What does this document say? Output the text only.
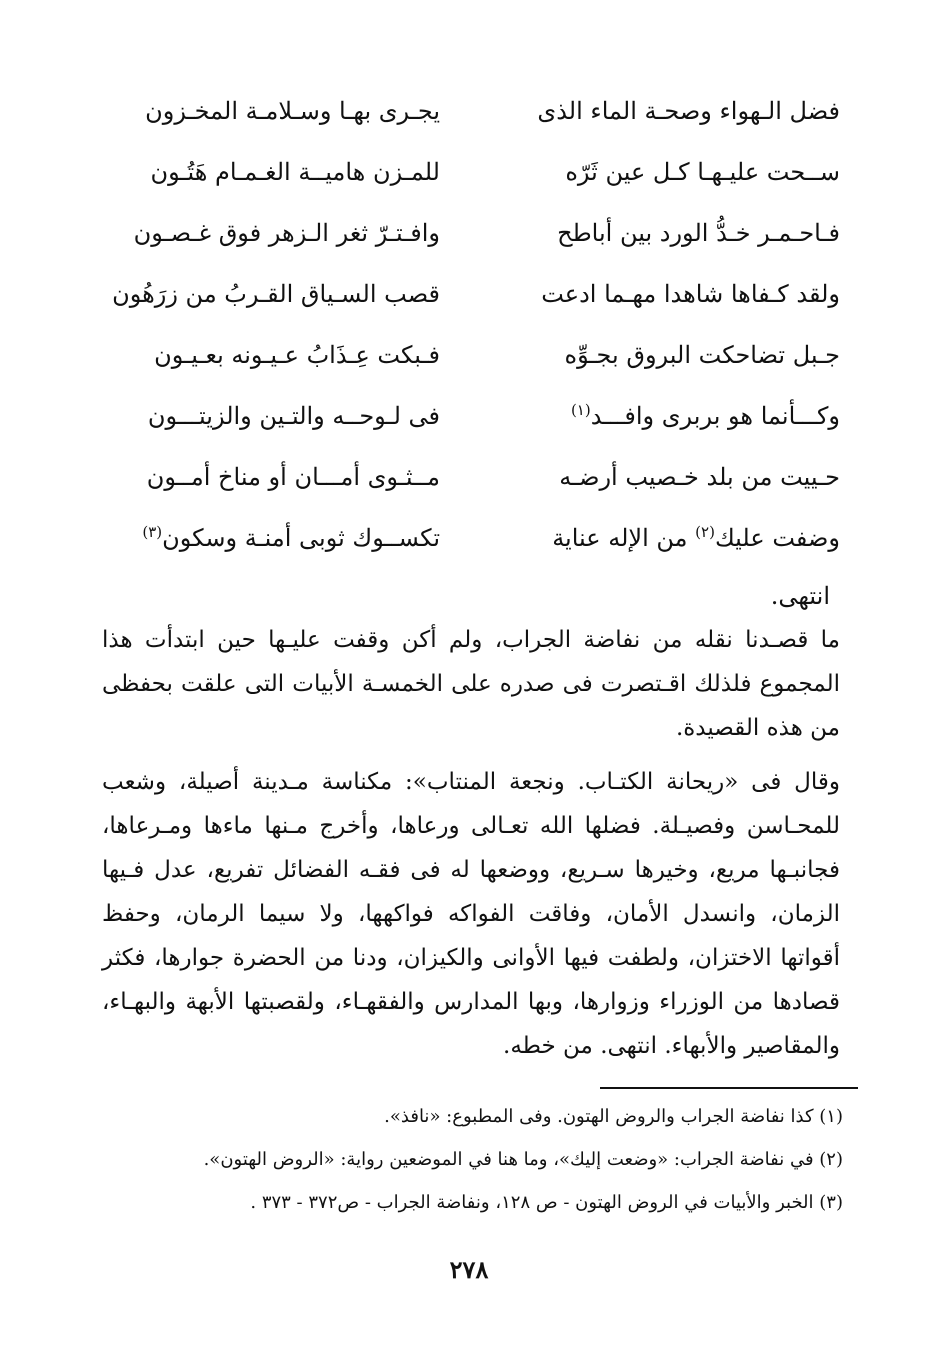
فضل الـهواء وصحـة الماء الذى
يجـرى بهـا وسـلامـة المخـزون
ســحت عليـهـا كـل عين ثَرّه
للمـزن هاميــة الغـمـام هَتُـون
فـاحـمـر خـدُّ الورد بين أباطح
وافـتـرّ ثغر الـزهر فوق غـصـون
ولقد كـفاها شاهدا مهـما ادعت
قصب السـياق القـربُ من زرَهُون
جـبل تضاحكت البروق بجـوِّه
فـبكت عِـذَابُ عـيـونه بعـيـون
وكـــأنما هو بربرى وافـــد$^{(١)}$
فى لـوحــه والتـين والزيتـــون
حـييت من بلد خـصيب أرضـه
مــثـوى أمـــان أو مناخ أمــون
وضفت عليك$^{(٢)}$ من الإله عناية
تكســوك ثوبى أمنـة وسكون$^{(٣)}$
انتهى.
ما قصـدنا نقله من نفاضة الجراب، ولم أكن وقفت عليـها حين ابتدأت هذا المجموع فلذلك اقـتصرت فى صدره على الخمسـة الأبيات التى علقت بحفظى من هذه القصيدة.
وقال فى «ريحانة الكتـاب. ونجعة المنتاب»: مكناسة مـدينة أصيلة، وشعب للمحـاسن وفصيـلة. فضلها الله تعـالى ورعاها، وأخرج مـنها ماءها ومـرعاها، فجانبـها مريع، وخيرها سـريع، ووضعها له فى فقـه الفضائل تفريع، عدل فـيها الزمان، وانسدل الأمان، وفاقت الفواكه فواكهها، ولا سيما الرمان، وحفظ أقواتها الاختزان، ولطفت فيها الأوانى والكيزان، ودنا من الحضرة جوارها، فكثر قصادها من الوزراء وزوارها، وبها المدارس والفقهـاء، ولقصبتها الأبهة والبهـاء، والمقاصير والأبهاء. انتهى. من خطه.
(١) كذا نفاضة الجراب والروض الهتون. وفى المطبوع: «نافذ».
(٢) في نفاضة الجراب: «وضعت إليك»، وما هنا في الموضعين رواية: «الروض الهتون».
(٣) الخبر والأبيات في الروض الهتون - ص ١٢٨، ونفاضة الجراب - ص٣٧٢ - ٣٧٣ .
٢٧٨
